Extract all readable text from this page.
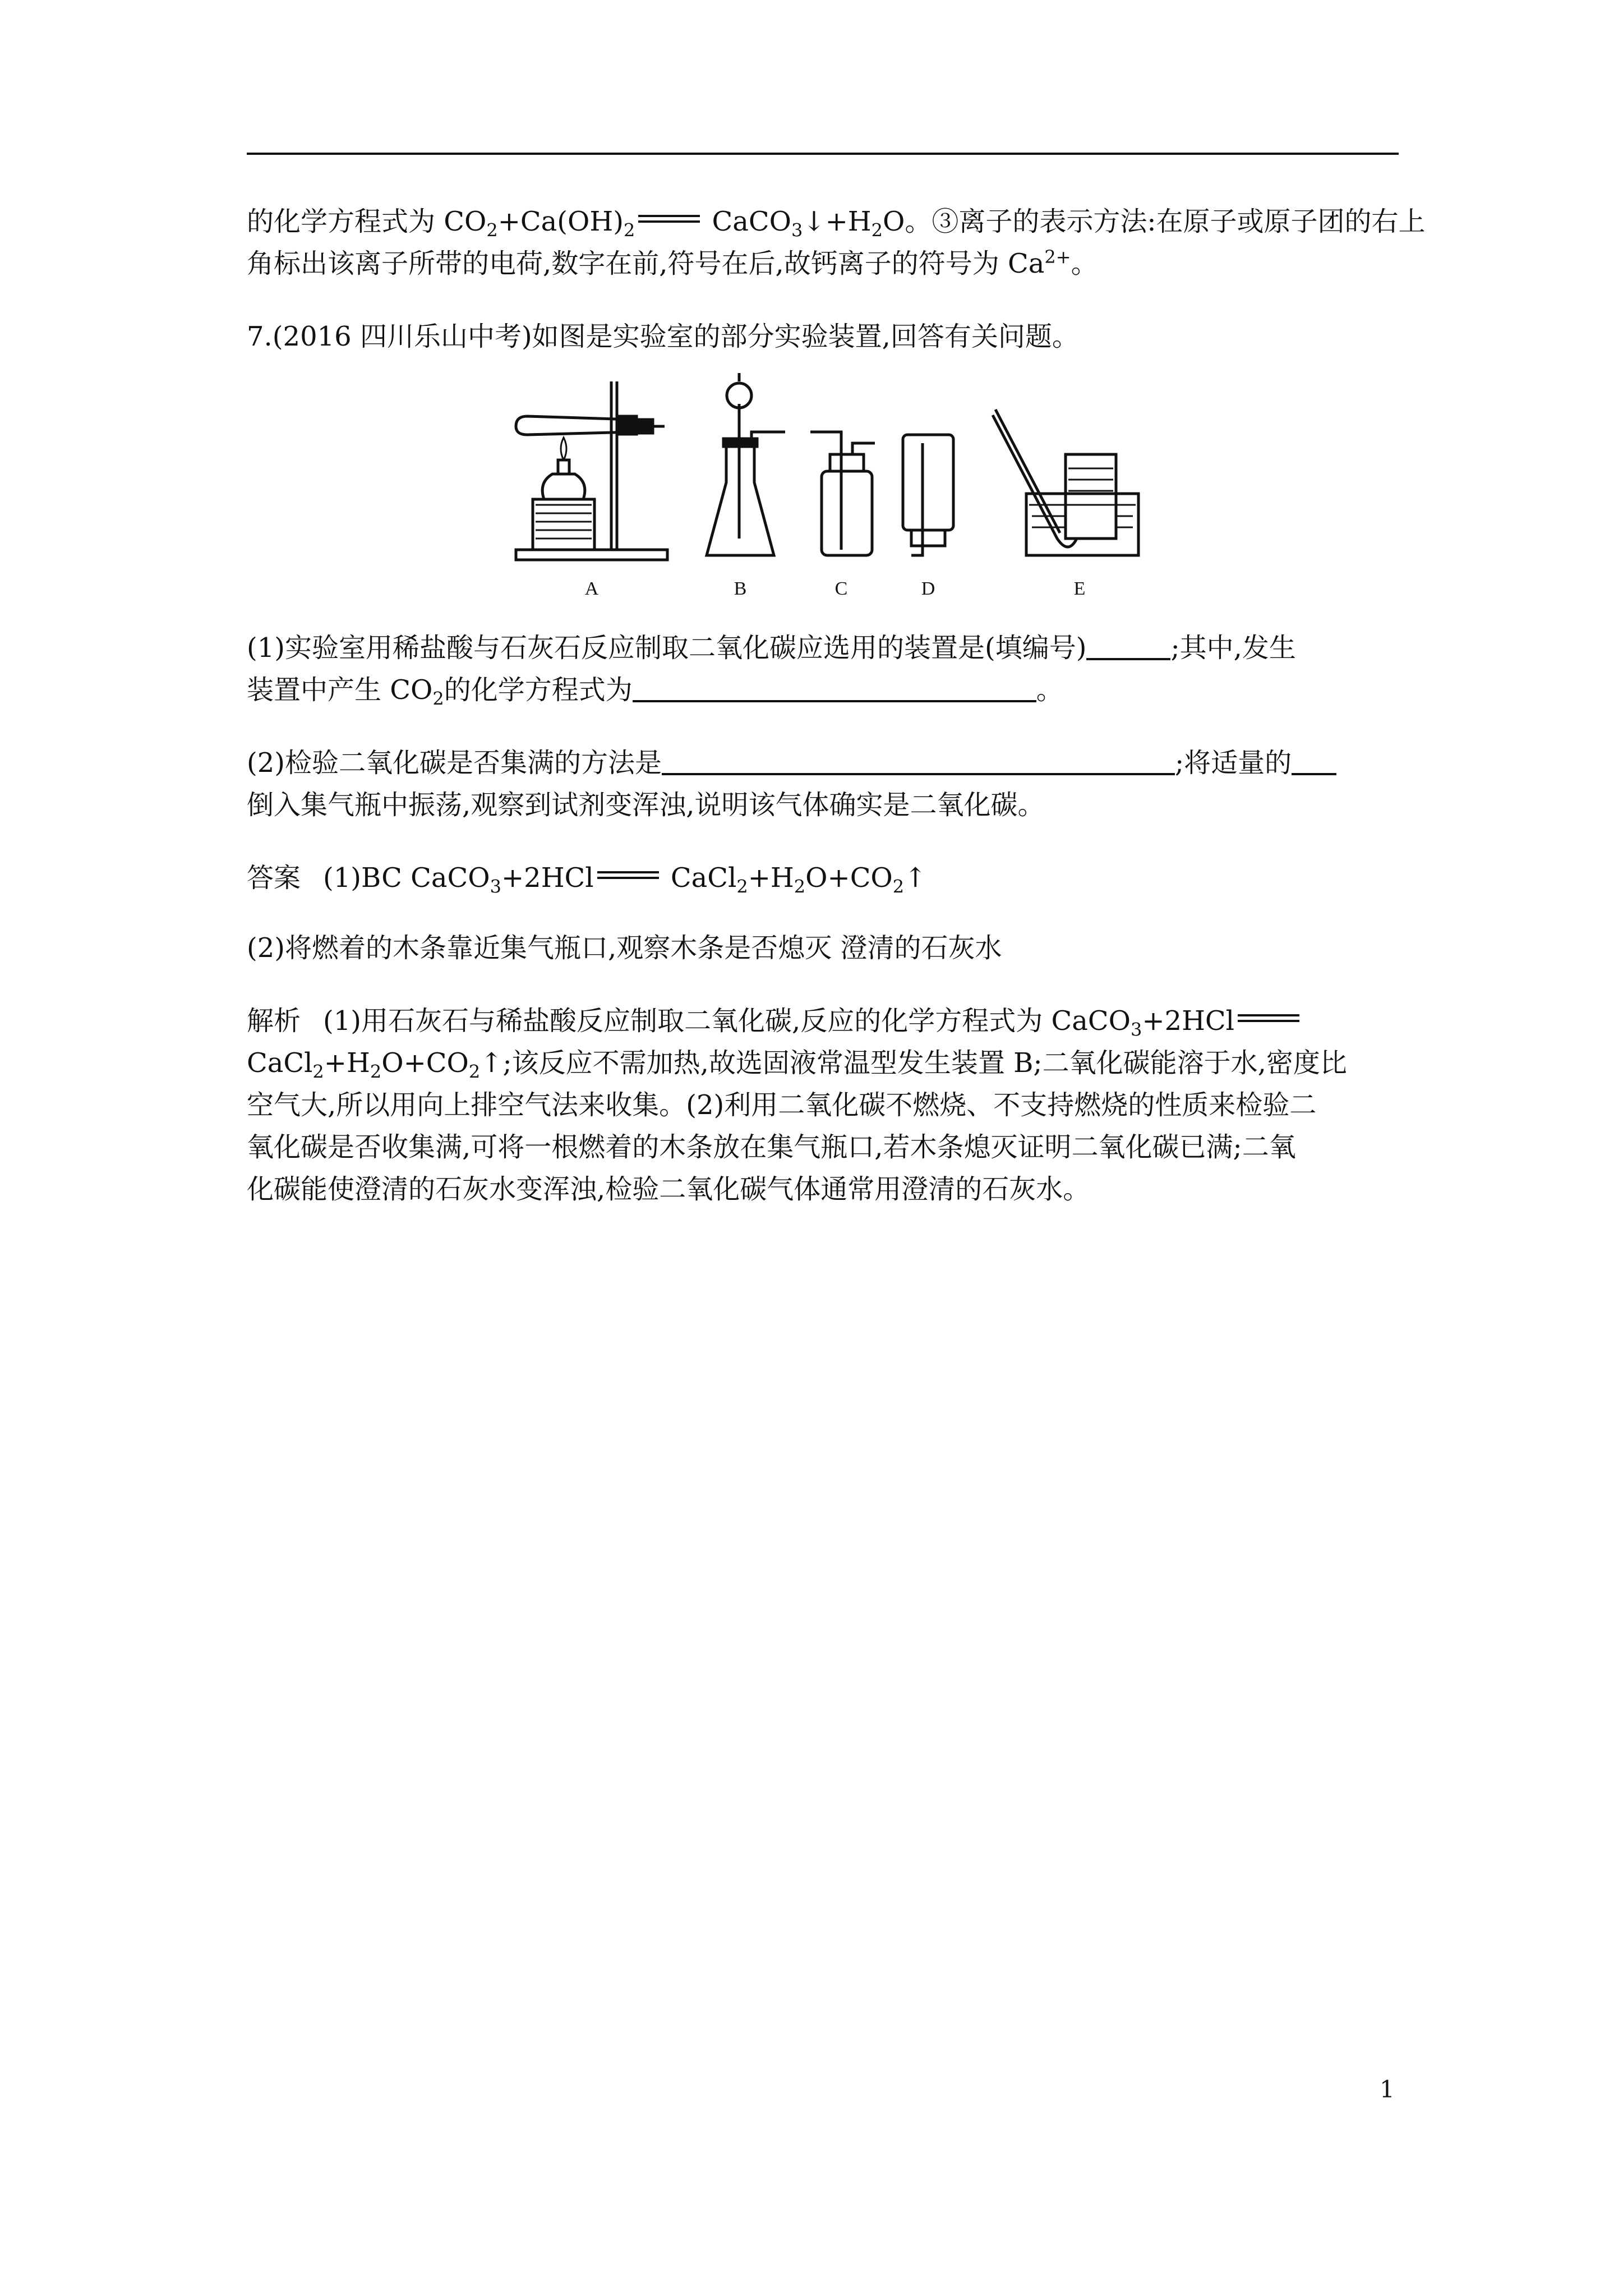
的化学方程式为 $CO_2+Ca(OH)_2$	$CaCO_3↓+H_2O$。③离子的表示方法:在原子或原子团的右上
角标出该离子所带的电荷,数字在前,符号在后,故钙离子的符号为 $Ca^{2+}$。
7.(2016 四川乐山中考)如图是实验室的部分实验装置,回答有关问题。
A	B	C	D	E
(1)实验室用稀盐酸与石灰石反应制取二氧化碳应选用的装置是(填编号)	;其中,发生
装置中产生 $CO_2$的化学方程式为	。
(2)检验二氧化碳是否集满的方法是	;将适量的
倒入集气瓶中振荡,观察到试剂变浑浊,说明该气体确实是二氧化碳。
答案 (1)BC CaCO$_3$+2HCl	$CaCl_2+H_2O+CO_2↑$
(2)将燃着的木条靠近集气瓶口,观察木条是否熄灭 澄清的石灰水
解析 (1)用石灰石与稀盐酸反应制取二氧化碳,反应的化学方程式为 CaCO$_3$+2HCl
$CaCl_2+H_2O+CO_2↑$;该反应不需加热,故选固液常温型发生装置 B;二氧化碳能溶于水,密度比
空气大,所以用向上排空气法来收集。(2)利用二氧化碳不燃烧、不支持燃烧的性质来检验二
氧化碳是否收集满,可将一根燃着的木条放在集气瓶口,若木条熄灭证明二氧化碳已满;二氧
化碳能使澄清的石灰水变浑浊,检验二氧化碳气体通常用澄清的石灰水。
1
